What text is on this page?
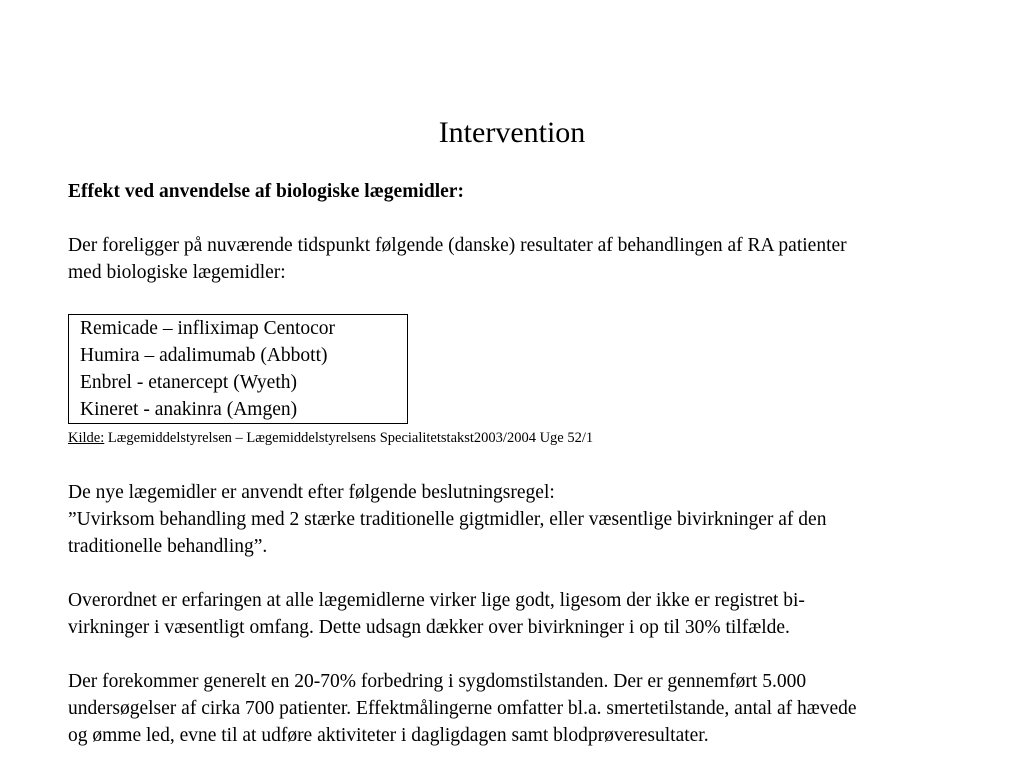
Intervention
Effekt ved anvendelse af biologiske lægemidler:
Der foreligger på nuværende tidspunkt følgende (danske) resultater af behandlingen af RA patienter
med biologiske lægemidler:
Remicade – infliximap Centocor
Humira – adalimumab (Abbott)
Enbrel - etanercept (Wyeth)
Kineret - anakinra (Amgen)
Kilde: Lægemiddelstyrelsen – Lægemiddelstyrelsens Specialitetstakst2003/2004 Uge 52/1
De nye lægemidler er anvendt efter følgende beslutningsregel:
”Uvirksom behandling med 2 stærke traditionelle gigtmidler, eller væsentlige bivirkninger af den
traditionelle behandling”.
Overordnet er erfaringen at alle lægemidlerne virker lige godt, ligesom der ikke er registret bi-
virkninger i væsentligt omfang. Dette udsagn dækker over bivirkninger i op til 30% tilfælde.
Der forekommer generelt en 20-70% forbedring i sygdomstilstanden. Der er gennemført 5.000
undersøgelser af cirka 700 patienter. Effektmålingerne omfatter bl.a. smertetilstande, antal af hævede
og ømme led, evne til at udføre aktiviteter i dagligdagen samt blodprøveresultater.
